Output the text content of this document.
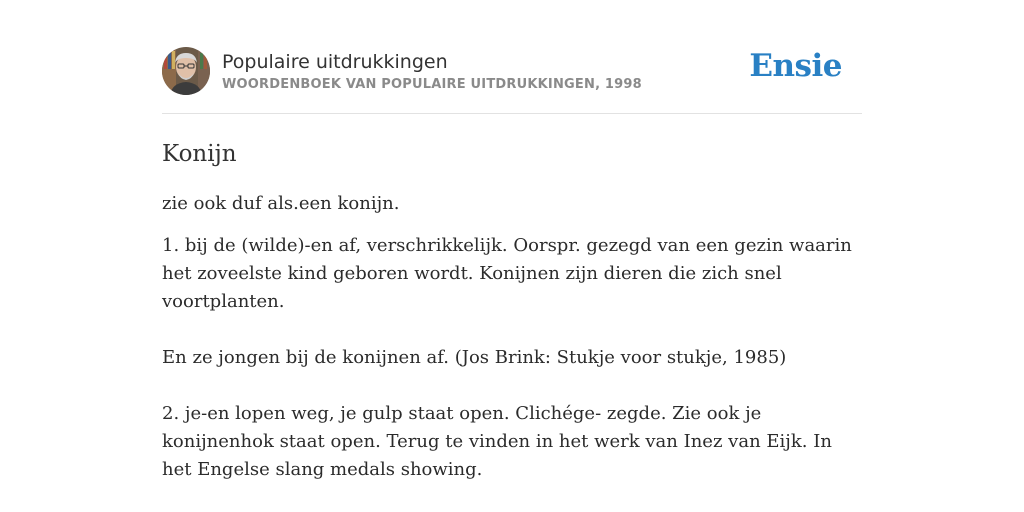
Populaire uitdrukkingen
WOORDENBOEK VAN POPULAIRE UITDRUKKINGEN, 1998
Ensie
Konijn

zie ook duf als.een konijn.

1. bij de (wilde)-en af, verschrikkelijk. Oorspr. gezegd van een gezin waarin het zoveelste kind geboren wordt. Konijnen zijn dieren die zich snel voortplanten.

En ze jongen bij de konijnen af. (Jos Brink: Stukje voor stukje, 1985)

2. je-en lopen weg, je gulp staat open. Clichége- zegde. Zie ook je konijnenhok staat open. Terug te vinden in het werk van Inez van Eijk. In het Engelse slang medals showing.
